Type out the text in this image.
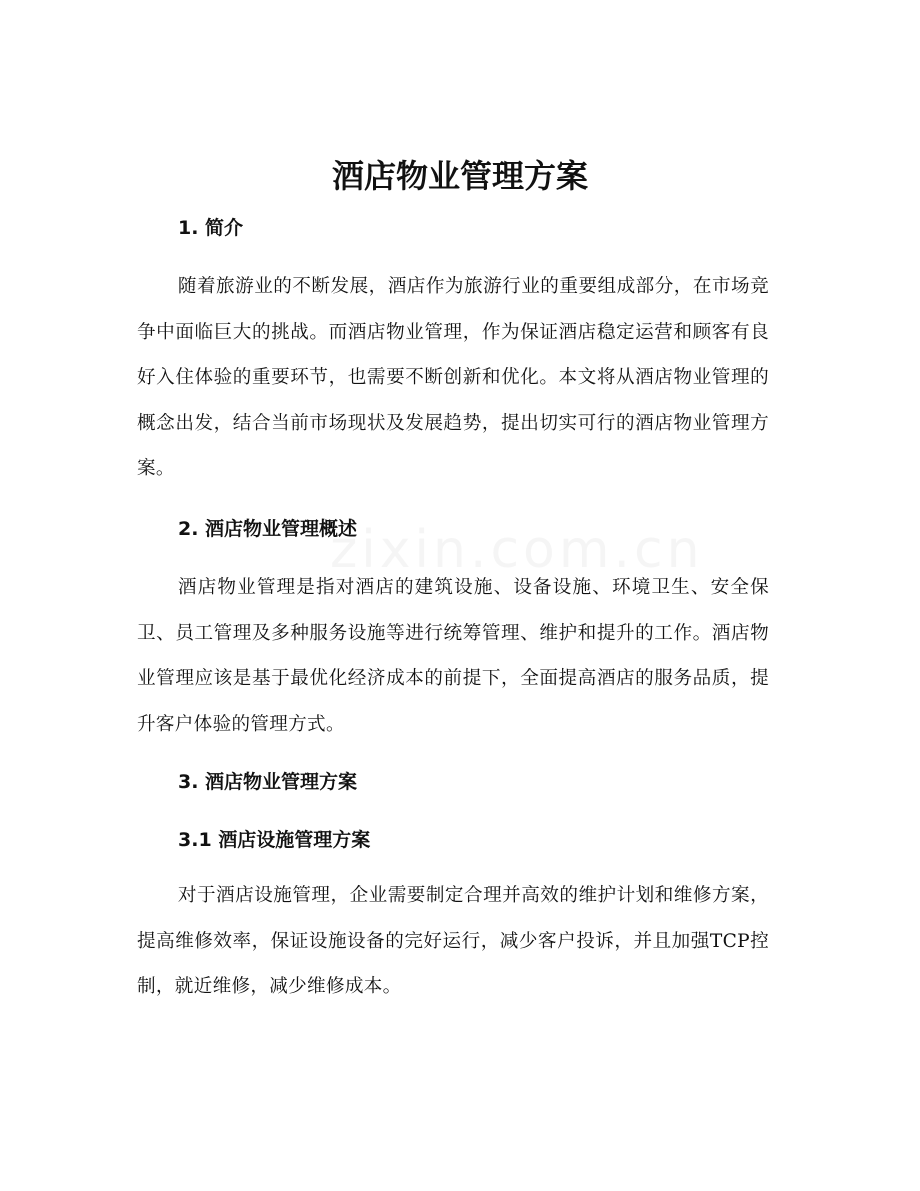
zixin.com.cn
酒店物业管理方案
1. 简介

随着旅游业的不断发展，酒店作为旅游行业的重要组成部分，在市场竞争中面临巨大的挑战。而酒店物业管理，作为保证酒店稳定运营和顾客有良好入住体验的重要环节，也需要不断创新和优化。本文将从酒店物业管理的概念出发，结合当前市场现状及发展趋势，提出切实可行的酒店物业管理方案。

2. 酒店物业管理概述

酒店物业管理是指对酒店的建筑设施、设备设施、环境卫生、安全保卫、员工管理及多种服务设施等进行统筹管理、维护和提升的工作。酒店物业管理应该是基于最优化经济成本的前提下，全面提高酒店的服务品质，提升客户体验的管理方式。

3. 酒店物业管理方案
3.1 酒店设施管理方案

对于酒店设施管理，企业需要制定合理并高效的维护计划和维修方案，提高维修效率，保证设施设备的完好运行，减少客户投诉，并且加强TCP控制，就近维修，减少维修成本。
